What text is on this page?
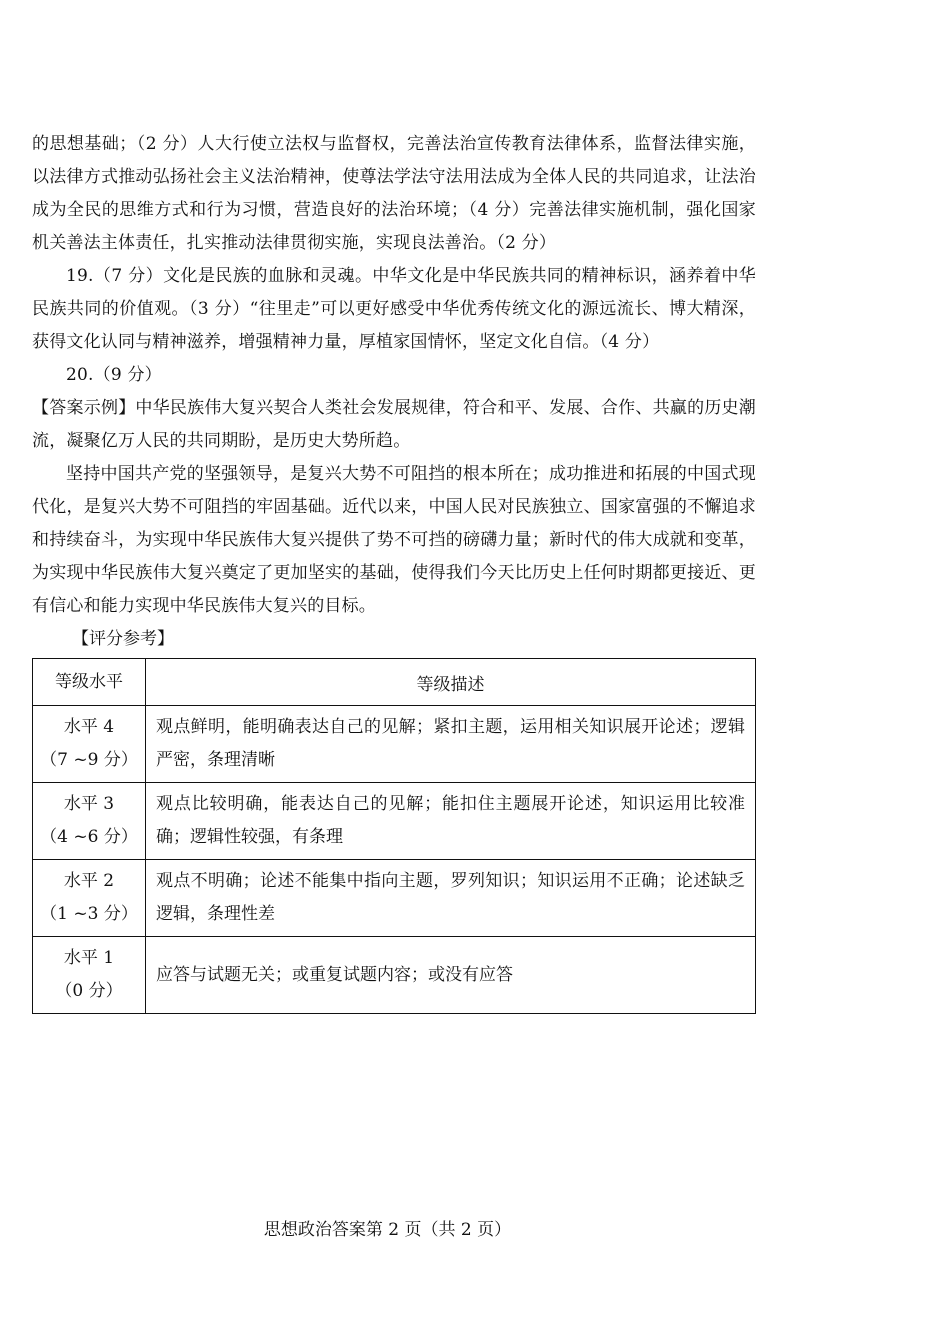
的思想基础；（2 分）人大行使立法权与监督权，完善法治宣传教育法律体系，监督法律实施，以法律方式推动弘扬社会主义法治精神，使尊法学法守法用法成为全体人民的共同追求，让法治成为全民的思维方式和行为习惯，营造良好的法治环境；（4 分）完善法律实施机制，强化国家机关善法主体责任，扎实推动法律贯彻实施，实现良法善治。（2 分）

19.（7 分）文化是民族的血脉和灵魂。中华文化是中华民族共同的精神标识，涵养着中华民族共同的价值观。（3 分）“往里走”可以更好感受中华优秀传统文化的源远流长、博大精深，获得文化认同与精神滋养，增强精神力量，厚植家国情怀，坚定文化自信。（4 分）

20.（9 分）

【答案示例】中华民族伟大复兴契合人类社会发展规律，符合和平、发展、合作、共赢的历史潮流，凝聚亿万人民的共同期盼，是历史大势所趋。

坚持中国共产党的坚强领导，是复兴大势不可阻挡的根本所在；成功推进和拓展的中国式现代化，是复兴大势不可阻挡的牢固基础。近代以来，中国人民对民族独立、国家富强的不懈追求和持续奋斗，为实现中华民族伟大复兴提供了势不可挡的磅礴力量；新时代的伟大成就和变革，为实现中华民族伟大复兴奠定了更加坚实的基础，使得我们今天比历史上任何时期都更接近、更有信心和能力实现中华民族伟大复兴的目标。

【评分参考】

等级水平	等级描述

水平 4
（7 ~9 分）	观点鲜明，能明确表达自己的见解；紧扣主题，运用相关知识展开论述；逻辑严密，条理清晰

水平 3
（4 ~6 分）	观点比较明确，能表达自己的见解；能扣住主题展开论述，知识运用比较准确；逻辑性较强，有条理

水平 2
（1 ~3 分）	观点不明确；论述不能集中指向主题，罗列知识；知识运用不正确；论述缺乏逻辑，条理性差

水平 1
（0 分）	应答与试题无关；或重复试题内容；或没有应答
思想政治答案第 2 页（共 2 页）
